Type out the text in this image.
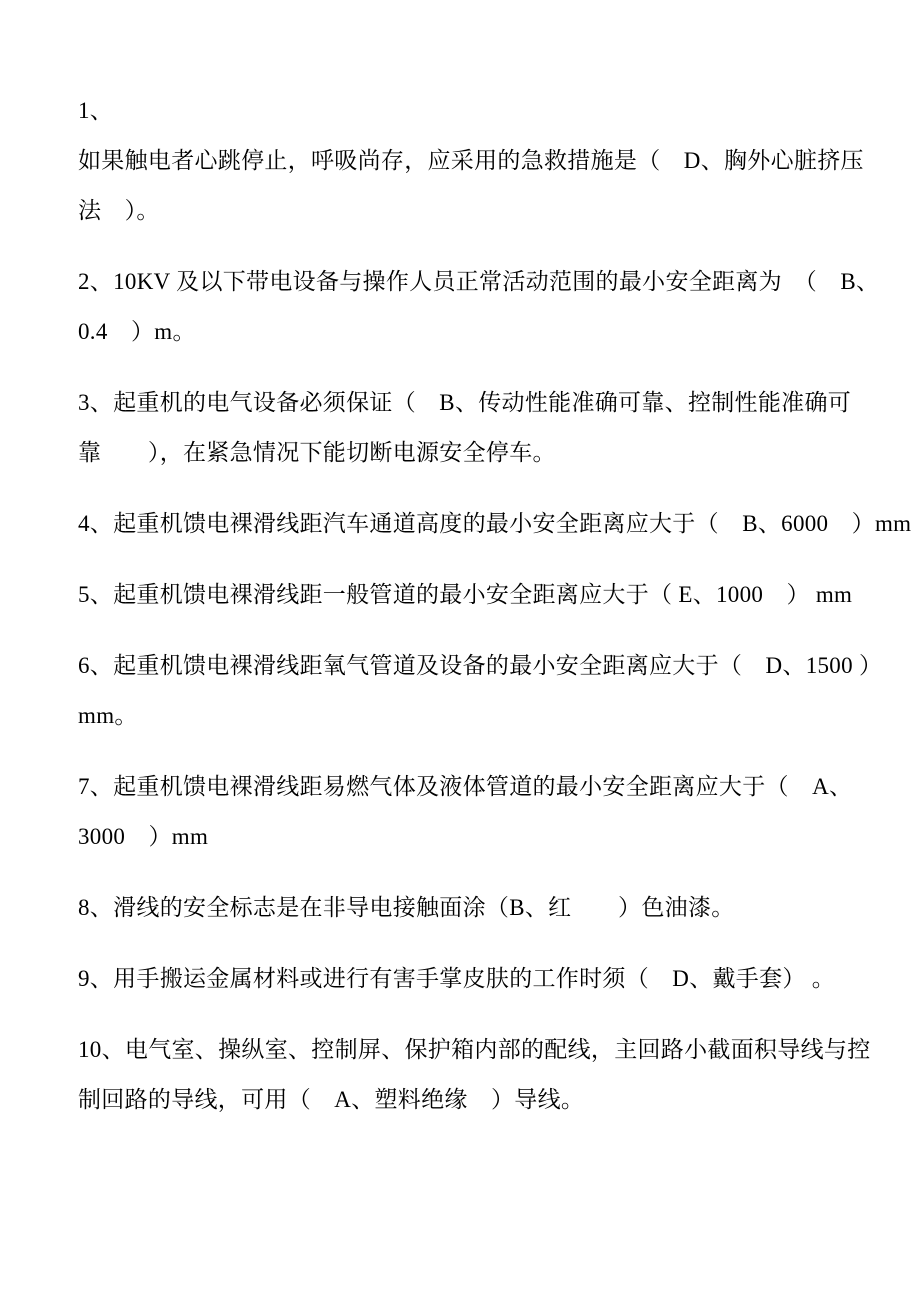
1、
如果触电者心跳停止，呼吸尚存，应采用的急救措施是（　D、胸外心脏挤压
法　）。

2、10KV 及以下带电设备与操作人员正常活动范围的最小安全距离为　（　B、
0.4　）m。

3、起重机的电气设备必须保证（　B、传动性能准确可靠、控制性能准确可
靠　　），在紧急情况下能切断电源安全停车。

4、起重机馈电裸滑线距汽车通道高度的最小安全距离应大于（　B、6000　）mm

5、起重机馈电裸滑线距一般管道的最小安全距离应大于（ E、1000　） mm

6、起重机馈电裸滑线距氧气管道及设备的最小安全距离应大于（　D、1500 ）
mm。

7、起重机馈电裸滑线距易燃气体及液体管道的最小安全距离应大于（　A、
3000　）mm

8、滑线的安全标志是在非导电接触面涂（B、红　　）色油漆。

9、用手搬运金属材料或进行有害手掌皮肤的工作时须（　D、戴手套） 。

10、电气室、操纵室、控制屏、保护箱内部的配线，主回路小截面积导线与控
制回路的导线，可用（　A、塑料绝缘　）导线。
